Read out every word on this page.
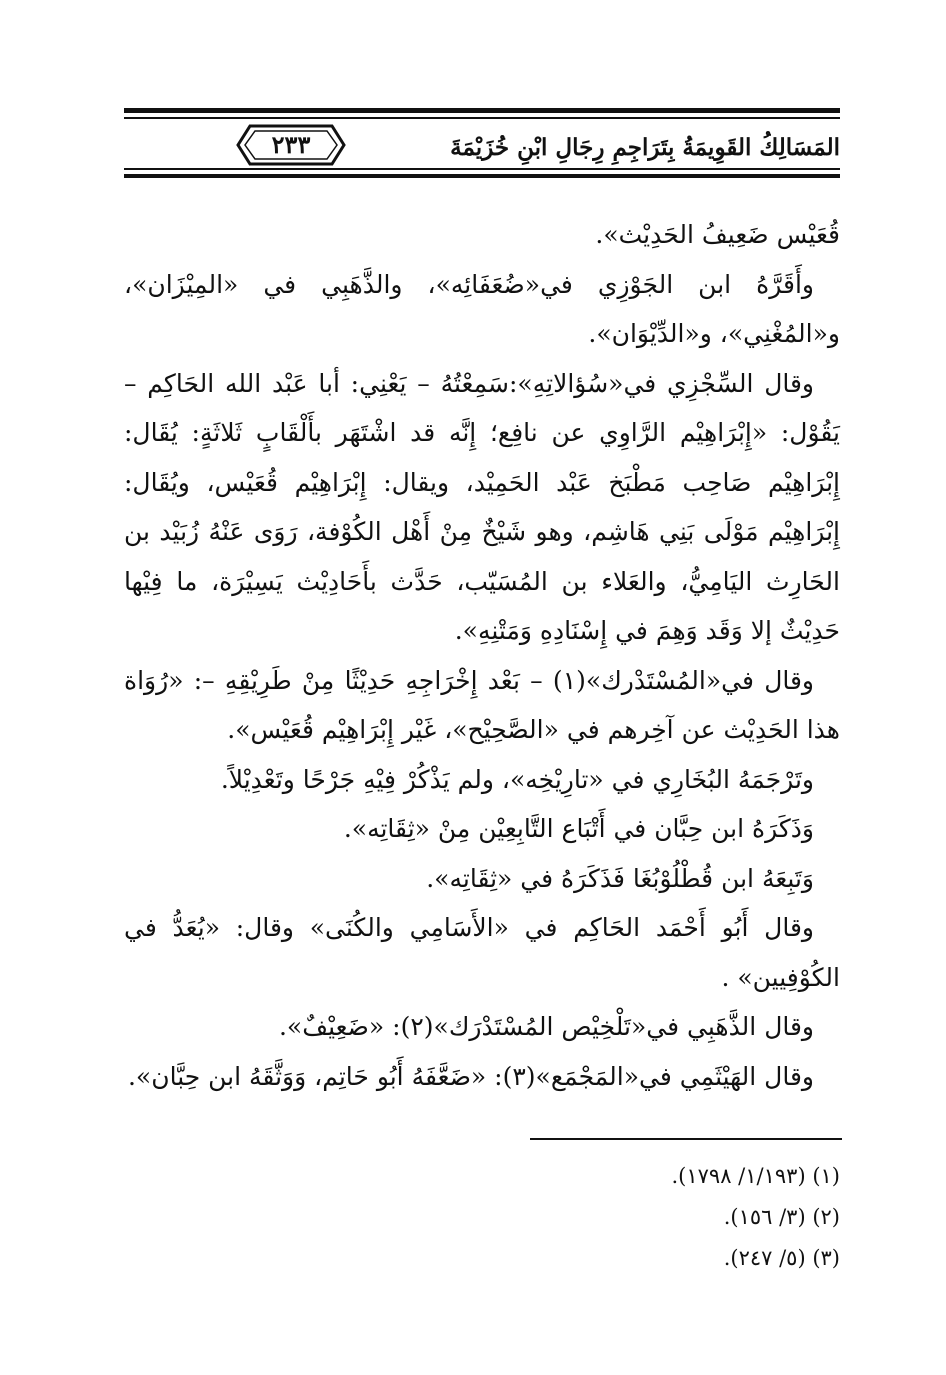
٢٣٣	المَسَالِكُ القَوِيمَةُ بِتَرَاجِمِ رِجَالِ ابْنِ خُزَيْمَةَ

قُعَيْس ضَعِيفُ الحَدِيْث».

وأَقَرَّهُ ابن الجَوْزِي في«ضُعَفَائِه»، والذَّهَبِي في «المِيْزَان»، و«المُغْنِي»، و«الدِّيْوَان».

وقال السِّجْزِي في«سُؤالاتِهِ»:سَمِعْتُهُ – يَعْنِي: أبا عَبْد الله الحَاكِم – يَقُوْل: «إِبْرَاهِيْم الرَّاوِي عن نافِع؛ إِنَّه قد اشْتَهَر بأَلْقَابٍ ثَلاثَةٍ: يُقَال: إِبْرَاهِيْم صَاحِب مَطْبَخ عَبْد الحَمِيْد، ويقال: إِبْرَاهِيْم قُعَيْس، ويُقَال: إِبْرَاهِيْم مَوْلَى بَنِي هَاشِم، وهو شَيْخٌ مِنْ أَهْل الكُوْفة، رَوَى عَنْهُ زُبَيْد بن الحَارِث اليَامِيُّ، والعَلاء بن المُسَيّب، حَدَّث بأَحَادِيْث يَسِيْرَة، ما فِيْها حَدِيْثٌ إلا وَقَد وَهِمَ في إِسْنَادِهِ وَمَتْنِهِ».

وقال في«المُسْتَدْرك»(١) – بَعْد إِخْرَاجِهِ حَدِيْثًا مِنْ طَرِيْقِهِ –: «رُوَاة هذا الحَدِيْث عن آخِرهم في «الصَّحِيْح»، غَيْر إِبْرَاهِيْم قُعَيْس».

وتَرْجَمَهُ البُخَارِي في «تارِيْخِه»، ولم يَذْكُرْ فِيْهِ جَرْحًا وتَعْدِيْلاً.

وَذَكَرَهُ ابن حِبَّان في أَتْبَاع التَّابِعِيْن مِنْ «ثِقَاتِه».

وَتَبِعَهُ ابن قُطْلُوْبُغَا فَذَكَرَهُ في «ثِقَاتِه».

وقال أَبُو أَحْمَد الحَاكِم في «الأَسَامِي والكُنَى» وقال: «يُعَدُّ في الكُوْفِيين» .

وقال الذَّهَبِي في«تَلْخِيْص المُسْتَدْرَك»(٢): «ضَعِيْفٌ».

وقال الهَيْثَمِي في«المَجْمَع»(٣): «ضَعَّفَهُ أَبُو حَاتِم، وَوَثَّقَهُ ابن حِبَّان».

(١) (١/١٩٣/ ١٧٩٨).

(٢) (٣/ ١٥٦).

(٣) (٥/ ٢٤٧).
